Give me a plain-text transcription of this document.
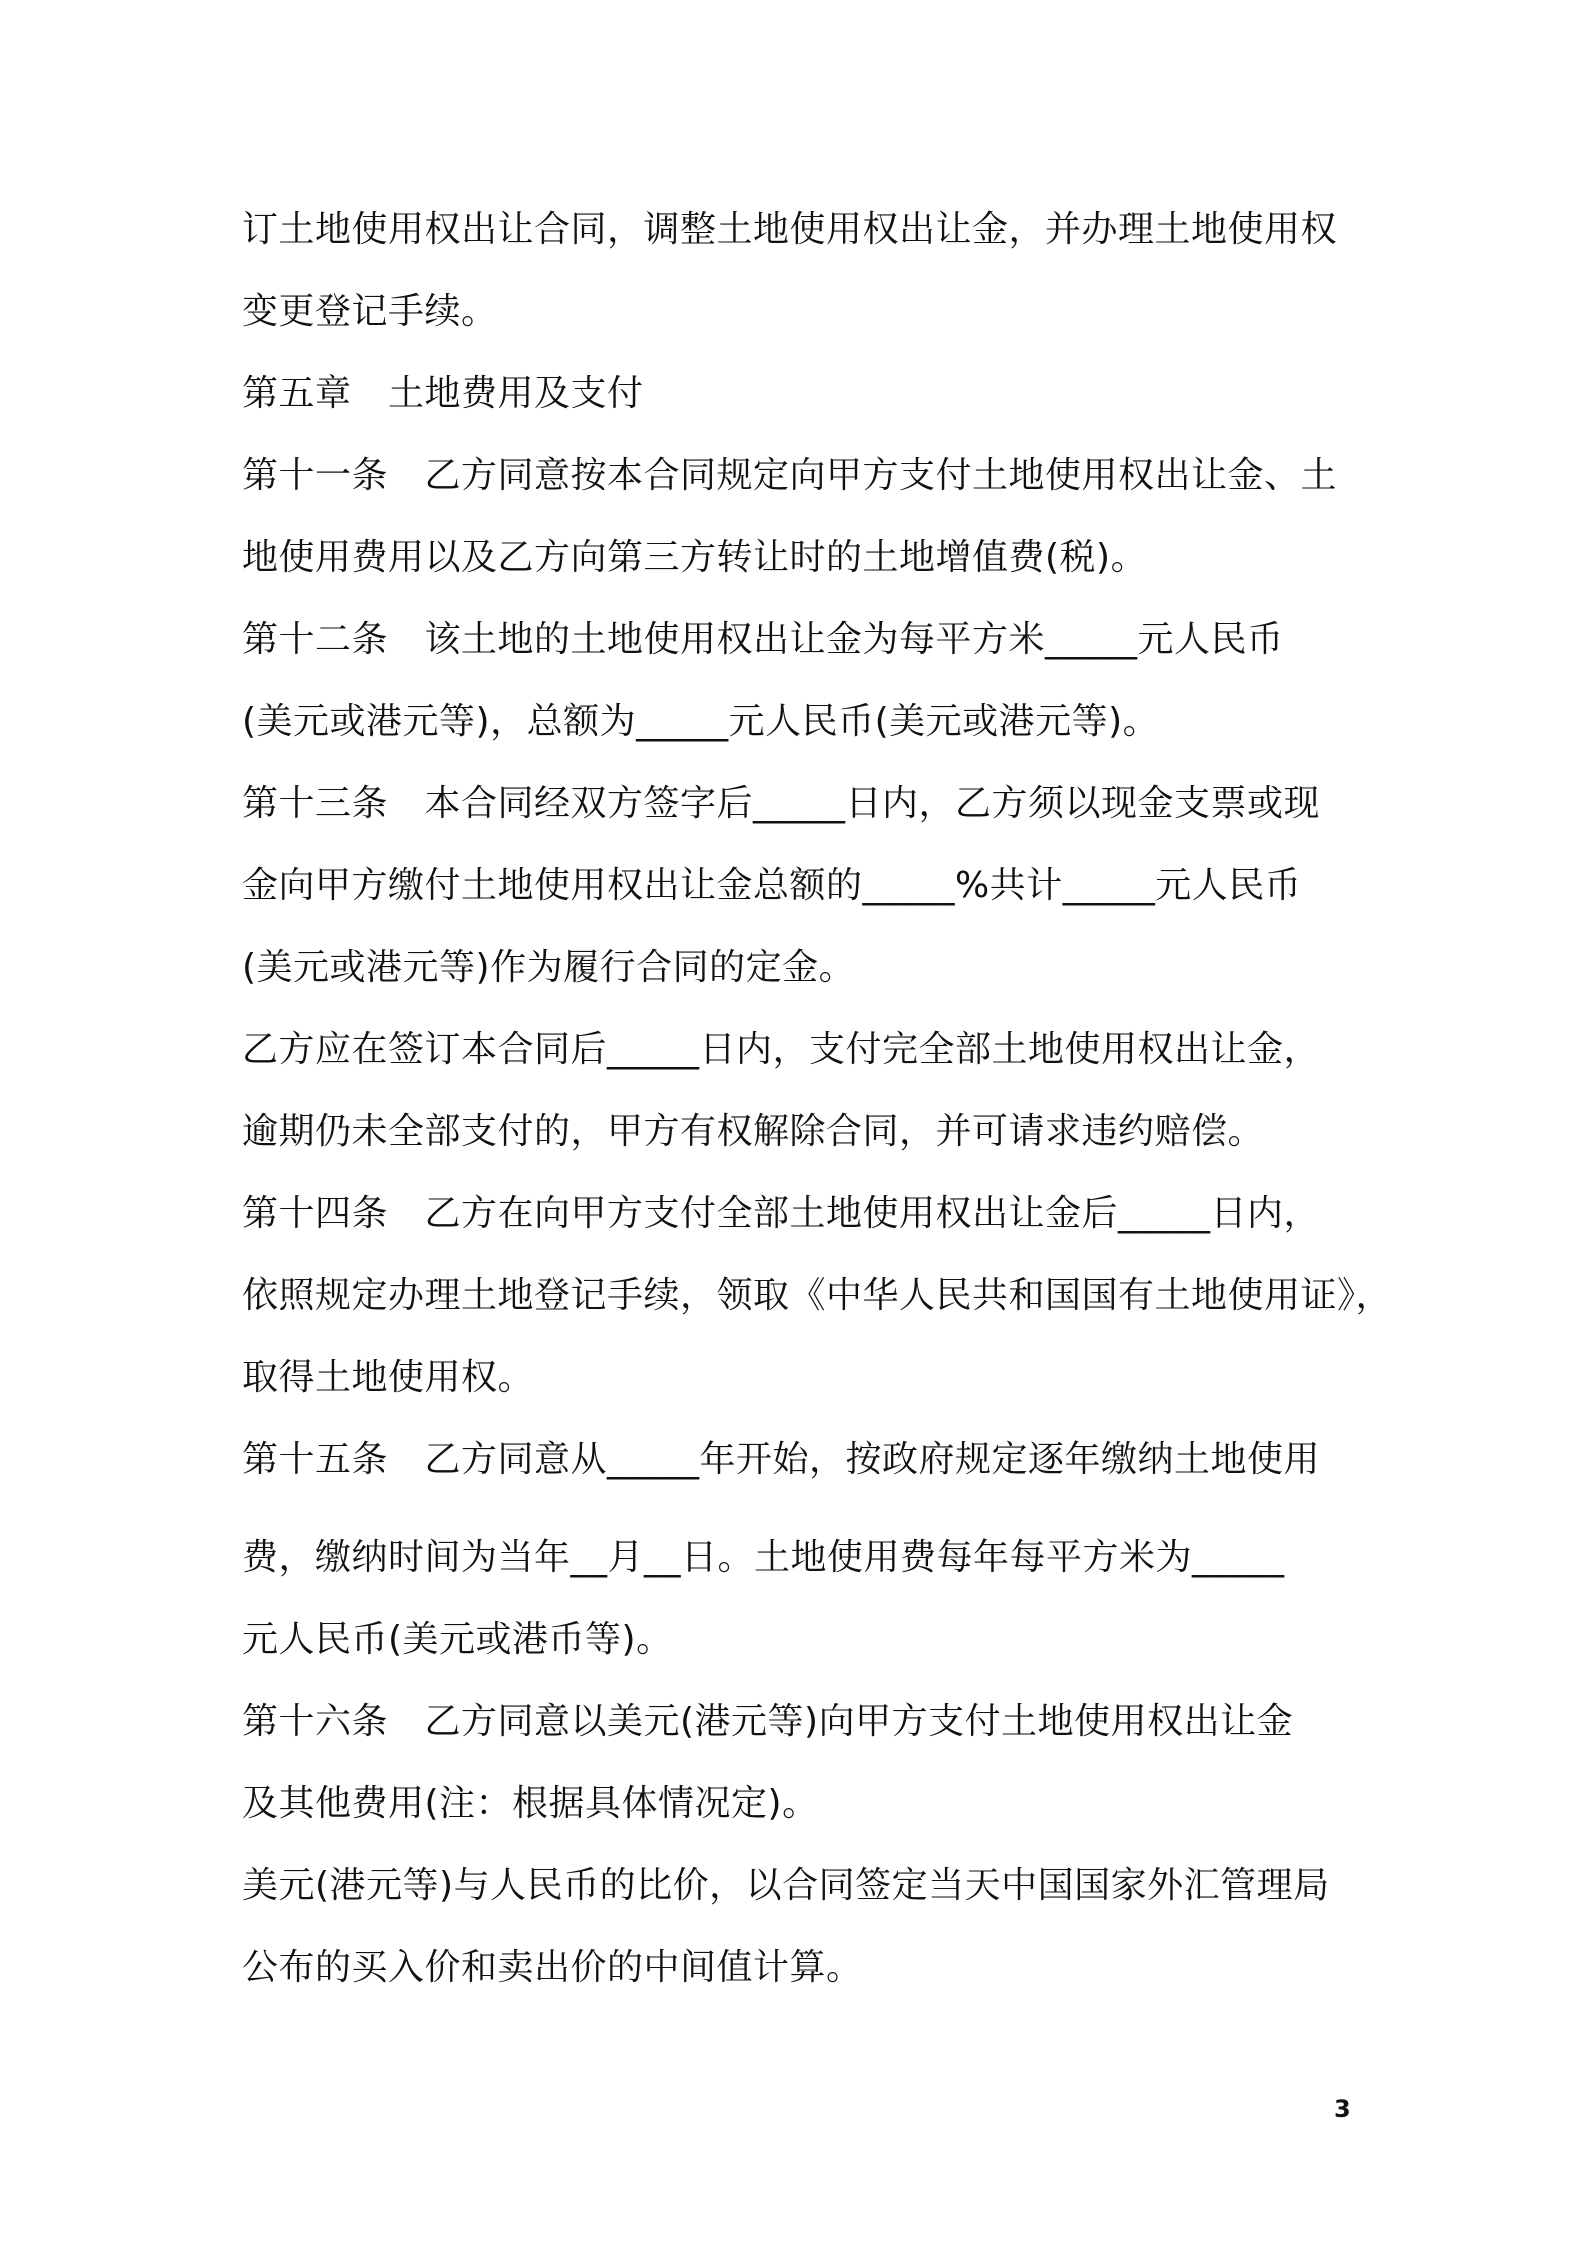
订土地使用权出让合同，调整土地使用权出让金，并办理土地使用权
变更登记手续。
第五章　土地费用及支付
第十一条　乙方同意按本合同规定向甲方支付土地使用权出让金、土
地使用费用以及乙方向第三方转让时的土地增值费(税)。
第十二条　该土地的土地使用权出让金为每平方米_____元人民币
(美元或港元等)，总额为_____元人民币(美元或港元等)。
第十三条　本合同经双方签字后_____日内，乙方须以现金支票或现
金向甲方缴付土地使用权出让金总额的_____%共计_____元人民币
(美元或港元等)作为履行合同的定金。
乙方应在签订本合同后_____日内，支付完全部土地使用权出让金，
逾期仍未全部支付的，甲方有权解除合同，并可请求违约赔偿。
第十四条　乙方在向甲方支付全部土地使用权出让金后_____日内，
依照规定办理土地登记手续，领取《中华人民共和国国有土地使用证》，
取得土地使用权。
第十五条　乙方同意从_____年开始，按政府规定逐年缴纳土地使用
费，缴纳时间为当年__月__日。土地使用费每年每平方米为_____
元人民币(美元或港币等)。
第十六条　乙方同意以美元(港元等)向甲方支付土地使用权出让金
及其他费用(注：根据具体情况定)。
美元(港元等)与人民币的比价，以合同签定当天中国国家外汇管理局
公布的买入价和卖出价的中间值计算。
3
